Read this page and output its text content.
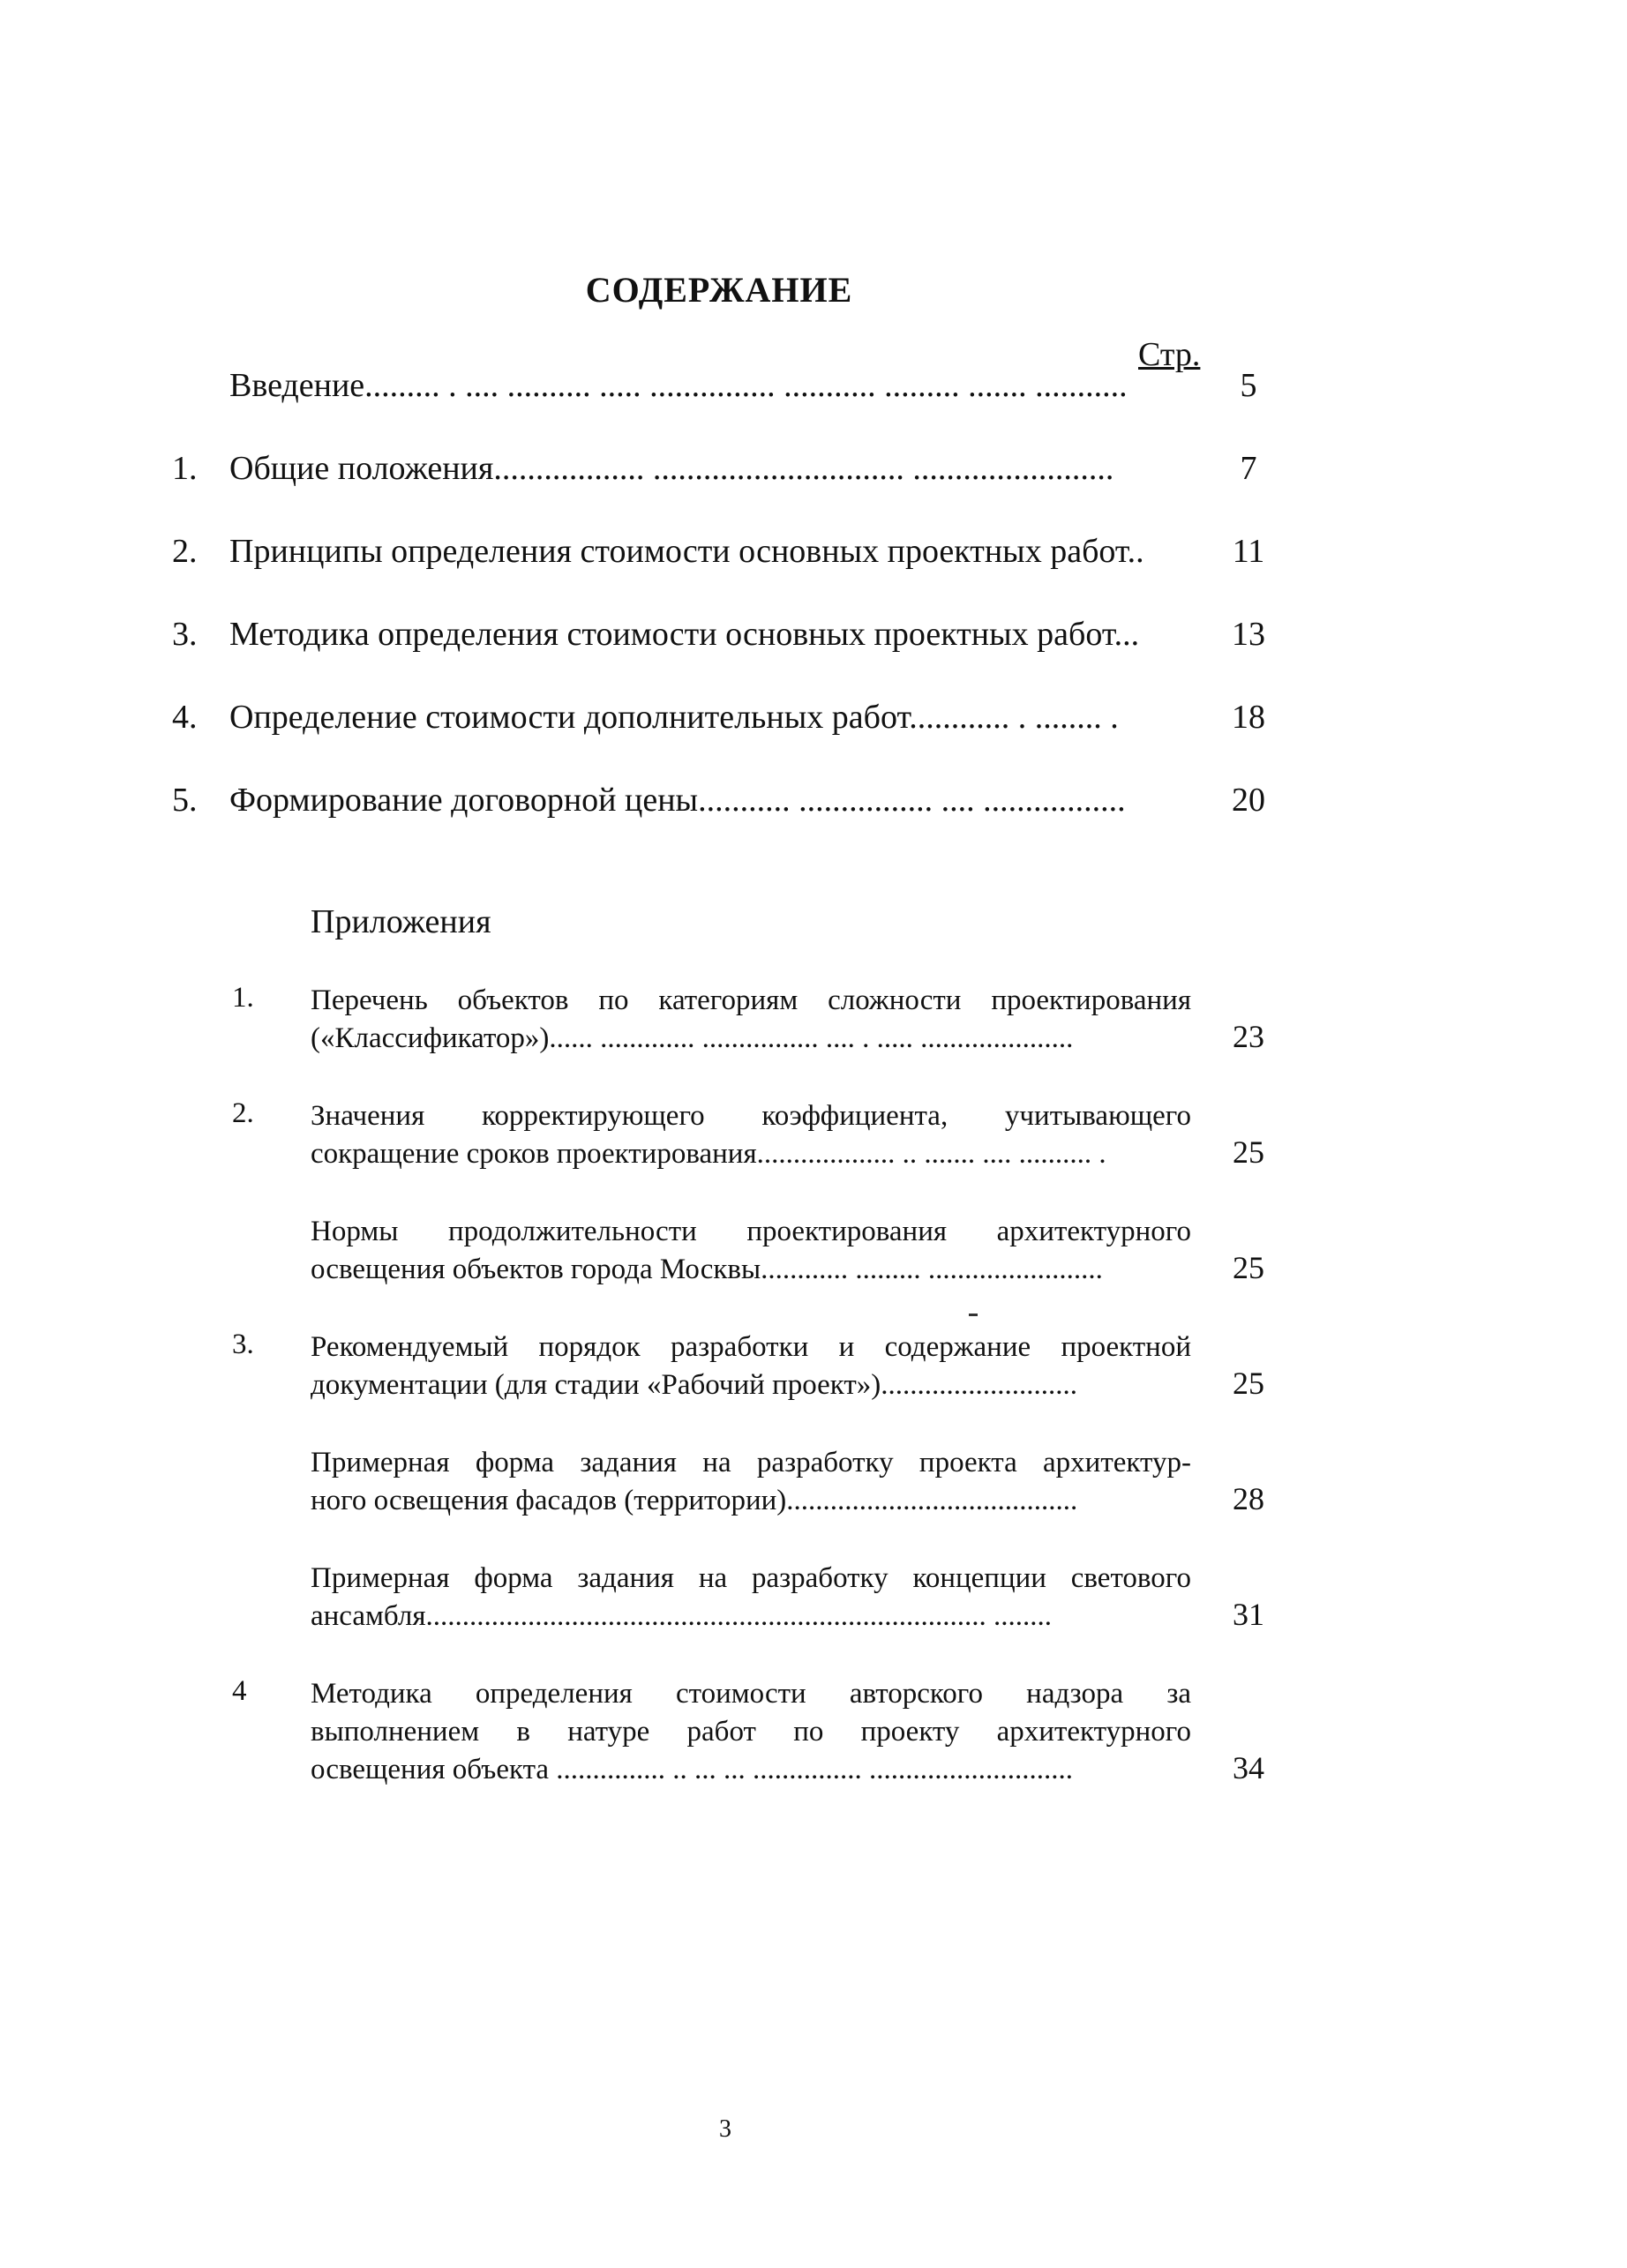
СОДЕРЖАНИЕ
Стр.
Введение......... . .... .......... ..... ............... ........... ......... ....... ...........	5
1. Общие положения.................. .............................. ........................	7
2. Принципы определения стоимости основных проектных работ..	11
3. Методика определения стоимости основных проектных работ...	13
4. Определение стоимости дополнительных работ............ . ........ .	18
5. Формирование договорной цены........... ................ .... .................	20
Приложения
1. Перечень объектов по категориям сложности проектирования
(«Классификатор»)...... ............. ................ .... . ..... .....................	23
2. Значения корректирующего коэффициента, учитывающего
сокращение сроков проектирования................... .. ....... .... .......... .	25
Нормы продолжительности проектирования архитектурного
освещения объектов города Москвы............ ......... ........................	25
3. Рекомендуемый порядок разработки и содержание проектной
документации (для стадии «Рабочий проект»)...........................	25
Примерная форма задания на разработку проекта архитектур-
ного освещения фасадов (территории)........................................	28
Примерная форма задания на разработку концепции светового
ансамбля............................................................................. ........	31
4 Методика определения стоимости авторского надзора за
выполнением в натуре работ по проекту архитектурного
освещения объекта ............... .. ... ... ............... ............................	34
3
